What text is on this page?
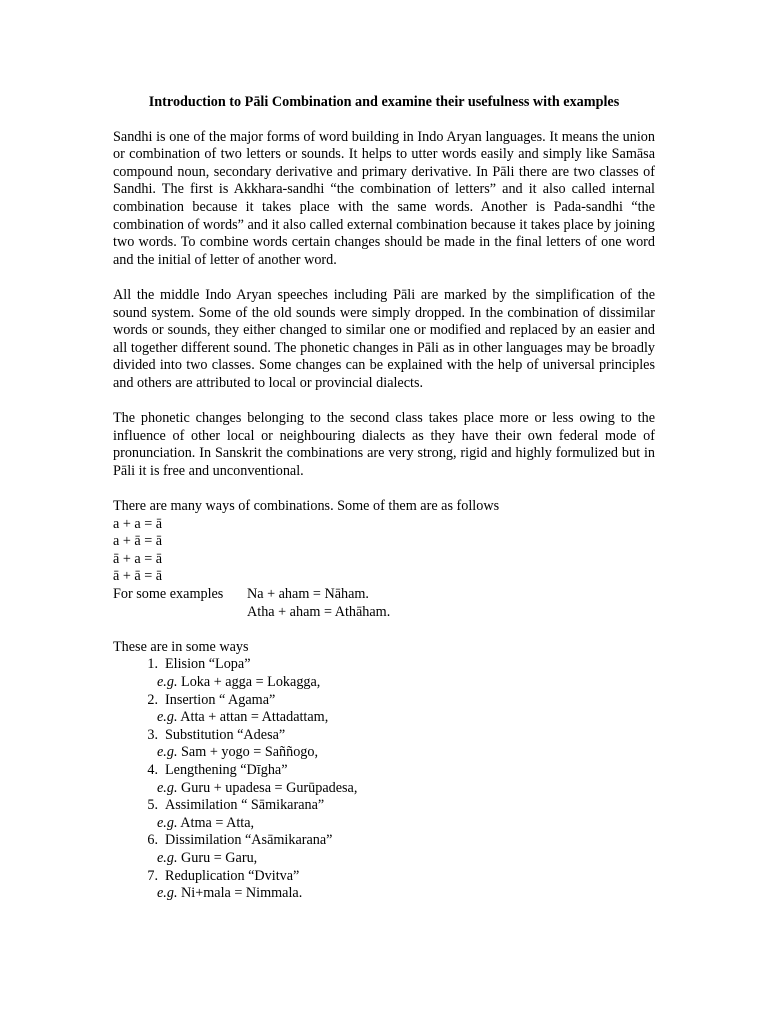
Introduction to Pāli Combination and examine their usefulness with examples

Sandhi is one of the major forms of word building in Indo Aryan languages. It means the union or combination of two letters or sounds. It helps to utter words easily and simply like Samāsa compound noun, secondary derivative and primary derivative. In Pāli there are two classes of Sandhi. The first is Akkhara-sandhi “the combination of letters” and it also called internal combination because it takes place with the same words. Another is Pada-sandhi “the combination of words” and it also called external combination because it takes place by joining two words. To combine words certain changes should be made in the final letters of one word and the initial of letter of another word.

All the middle Indo Aryan speeches including Pāli are marked by the simplification of the sound system. Some of the old sounds were simply dropped. In the combination of dissimilar words or sounds, they either changed to similar one or modified and replaced by an easier and all together different sound. The phonetic changes in Pāli as in other languages may be broadly divided into two classes. Some changes can be explained with the help of universal principles and others are attributed to local or provincial dialects.

The phonetic changes belonging to the second class takes place more or less owing to the influence of other local or neighbouring dialects as they have their own federal mode of pronunciation. In Sanskrit the combinations are very strong, rigid and highly formulized but in Pāli it is free and unconventional.

There are many ways of combinations. Some of them are as follows

a + a = ā

a + ā = ā

ā + a = ā

ā + ā = ā

For some examples	Na + aham = Nāham.
Atha + aham = Athāham.

These are in some ways

1. Elision “Lopa”
e.g. Loka + agga = Lokagga,
2. Insertion “ Agama”
e.g. Atta + attan = Attadattam,
3. Substitution “Adesa”
e.g. Sam + yogo = Saññogo,
4. Lengthening “Dīgha”
e.g. Guru + upadesa = Gurūpadesa,
5. Assimilation “ Sāmikarana”
e.g. Atma = Atta,
6. Dissimilation “Asāmikarana”
e.g. Guru = Garu,
7. Reduplication “Dvitva”
e.g. Ni+mala = Nimmala.
